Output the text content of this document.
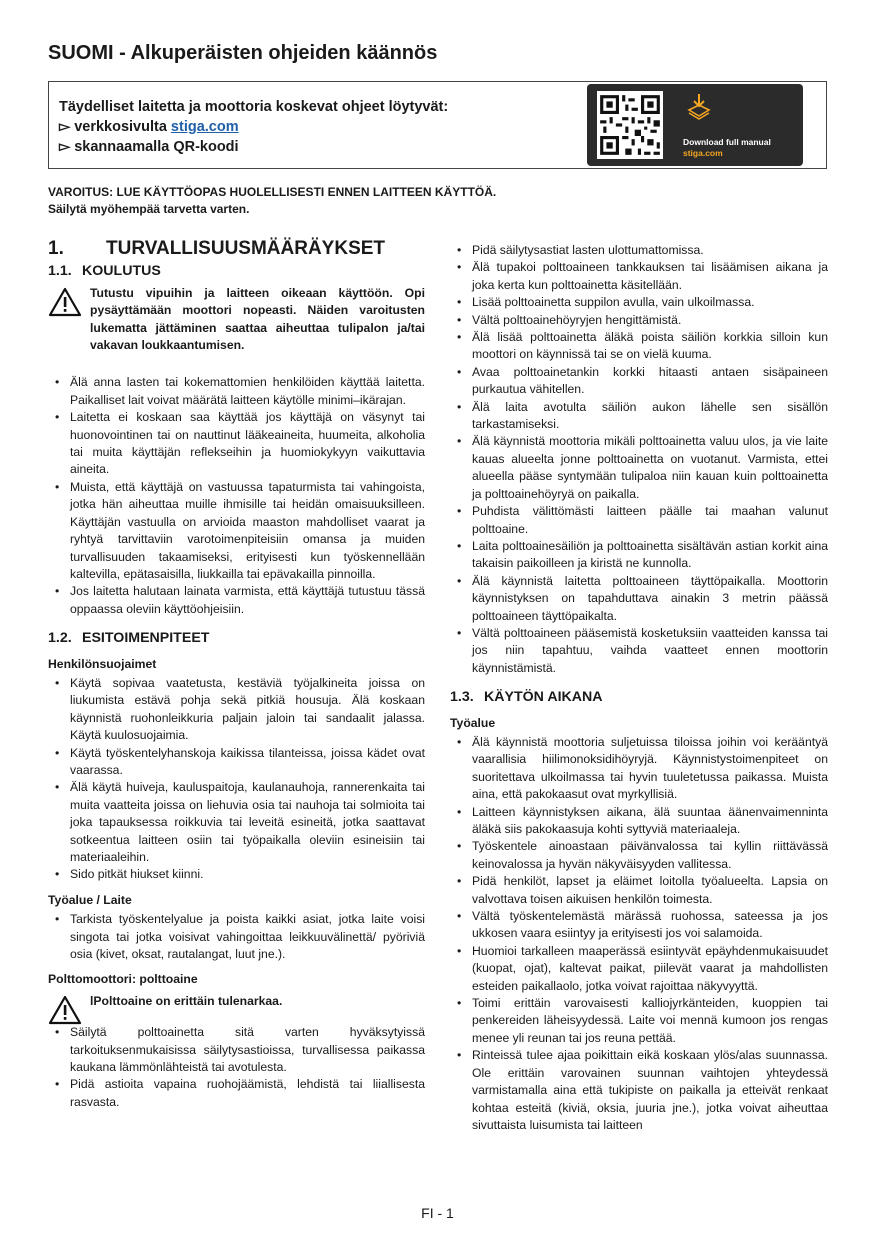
SUOMI - Alkuperäisten ohjeiden käännös
Täydelliset laitetta ja moottoria koskevat ohjeet löytyvät:
▻ verkkosivulta stiga.com
▻ skannaamalla QR-koodi	Download full manual
stiga.com
VAROITUS: LUE KÄYTTÖOPAS HUOLELLISESTI ENNEN LAITTEEN KÄYTTÖÄ.
Säilytä myöhempää tarvetta varten.
1. TURVALLISUUSMÄÄRÄYKSET
1.1. KOULUTUS
Tutustu vipuihin ja laitteen oikeaan käyttöön. Opi pysäyttämään moottori nopeasti. Näiden varoitusten lukematta jättäminen saattaa aiheuttaa tulipalon ja/tai vakavan loukkaantumisen.
• Älä anna lasten tai kokemattomien henkilöiden käyttää laitetta. Paikalliset lait voivat määrätä laitteen käytölle minimi–ikärajan.
• Laitetta ei koskaan saa käyttää jos käyttäjä on väsynyt tai huonovointinen tai on nauttinut lääkeaineita, huumeita, alkoholia tai muita käyttäjän reflekseihin ja huomiokykyyn vaikuttavia aineita.
• Muista, että käyttäjä on vastuussa tapaturmista tai vahingoista, jotka hän aiheuttaa muille ihmisille tai heidän omaisuuksilleen. Käyttäjän vastuulla on arvioida maaston mahdolliset vaarat ja ryhtyä tarvittaviin varotoimenpiteisiin omansa ja muiden turvallisuuden takaamiseksi, erityisesti kun työskennellään kaltevilla, epätasaisilla, liukkailla tai epävakailla pinnoilla.
• Jos laitetta halutaan lainata varmista, että käyttäjä tutustuu tässä oppaassa oleviin käyttöohjeisiin.
1.2. ESITOIMENPITEET
Henkilönsuojaimet
• Käytä sopivaa vaatetusta, kestäviä työjalkineita joissa on liukumista estävä pohja sekä pitkiä housuja. Älä koskaan käynnistä ruohonleikkuria paljain jaloin tai sandaalit jalassa. Käytä kuulosuojaimia.
• Käytä työskentelyhanskoja kaikissa tilanteissa, joissa kädet ovat vaarassa.
• Älä käytä huiveja, kauluspaitoja, kaulanauhoja, rannerenkaita tai muita vaatteita joissa on liehuvia osia tai nauhoja tai solmioita tai joka tapauksessa roikkuvia tai leveitä esineitä, jotka saattavat sotkeentua laitteen osiin tai työpaikalla oleviin esineisiin tai materiaaleihin.
• Sido pitkät hiukset kiinni.
Työalue / Laite
• Tarkista työskentelyalue ja poista kaikki asiat, jotka laite voisi singota tai jotka voisivat vahingoittaa leikkuuvälinettä/ pyöriviä osia (kivet, oksat, rautalangat, luut jne.).
Polttomoottori: polttoaine
lPolttoaine on erittäin tulenarkaa.
• Säilytä polttoainetta sitä varten hyväksytyissä tarkoituksenmukaisissa säilytysastioissa, turvallisessa paikassa kaukana lämmönlähteistä tai avotulesta.
• Pidä astioita vapaina ruohojäämistä, lehdistä tai liiallisesta rasvasta.
• Pidä säilytysastiat lasten ulottumattomissa.
• Älä tupakoi polttoaineen tankkauksen tai lisäämisen aikana ja joka kerta kun polttoainetta käsitellään.
• Lisää polttoainetta suppilon avulla, vain ulkoilmassa.
• Vältä polttoainehöyryjen hengittämistä.
• Älä lisää polttoainetta äläkä poista säiliön korkkia silloin kun moottori on käynnissä tai se on vielä kuuma.
• Avaa polttoainetankin korkki hitaasti antaen sisäpaineen purkautua vähitellen.
• Älä laita avotulta säiliön aukon lähelle sen sisällön tarkastamiseksi.
• Älä käynnistä moottoria mikäli polttoainetta valuu ulos, ja vie laite kauas alueelta jonne polttoainetta on vuotanut. Varmista, ettei alueella pääse syntymään tulipaloa niin kauan kuin polttoainetta ja polttoainehöyryä on paikalla.
• Puhdista välittömästi laitteen päälle tai maahan valunut polttoaine.
• Laita polttoainesäiliön ja polttoainetta sisältävän astian korkit aina takaisin paikoilleen ja kiristä ne kunnolla.
• Älä käynnistä laitetta polttoaineen täyttöpaikalla. Moottorin käynnistyksen on tapahduttava ainakin 3 metrin päässä polttoaineen täyttöpaikalta.
• Vältä polttoaineen pääsemistä kosketuksiin vaatteiden kanssa tai jos niin tapahtuu, vaihda vaatteet ennen moottorin käynnistämistä.
1.3. KÄYTÖN AIKANA
Työalue
• Älä käynnistä moottoria suljetuissa tiloissa joihin voi kerääntyä vaarallisia hiilimonoksidihöyryjä. Käynnistystoimenpiteet on suoritettava ulkoilmassa tai hyvin tuuletetussa paikassa. Muista aina, että pakokaasut ovat myrkyllisiä.
• Laitteen käynnistyksen aikana, älä suuntaa äänenvaimenninta äläkä siis pakokaasuja kohti syttyviä materiaaleja.
• Työskentele ainoastaan päivänvalossa tai kyllin riittävässä keinovalossa ja hyvän näkyväisyyden vallitessa.
• Pidä henkilöt, lapset ja eläimet loitolla työalueelta. Lapsia on valvottava toisen aikuisen henkilön toimesta.
• Vältä työskentelemästä märässä ruohossa, sateessa ja jos ukkosen vaara esiintyy ja erityisesti jos voi salamoida.
• Huomioi tarkalleen maaperässä esiintyvät epäyhdenmukaisuudet (kuopat, ojat), kaltevat paikat, piilevät vaarat ja mahdollisten esteiden paikallaolo, jotka voivat rajoittaa näkyvyyttä.
• Toimi erittäin varovaisesti kalliojyrkänteiden, kuoppien tai penkereiden läheisyydessä. Laite voi mennä kumoon jos rengas menee yli reunan tai jos reuna pettää.
• Rinteissä tulee ajaa poikittain eikä koskaan ylös/alas suunnassa. Ole erittäin varovainen suunnan vaihtojen yhteydessä varmistamalla aina että tukipiste on paikalla ja etteivät renkaat kohtaa esteitä (kiviä, oksia, juuria jne.), jotka voivat aiheuttaa sivuttaista luisumista tai laitteen
FI - 1
